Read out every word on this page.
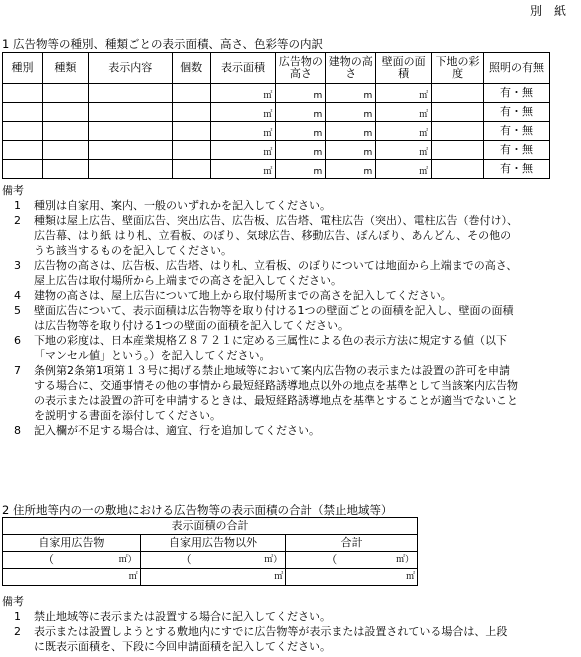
別　紙
1 広告物等の種別、種類ごとの表示面積、高さ、色彩等の内訳
種別	種類	表示内容	個数	表示面積	広告物の高さ	建物の高さ	壁面の面積	下地の彩度	照明の有無
				㎡	m	m	㎡		有・無
				㎡	m	m	㎡		有・無
				㎡	m	m	㎡		有・無
				㎡	m	m	㎡		有・無
				㎡	m	m	㎡		有・無
備考
1 種別は自家用、案内、一般のいずれかを記入してください。
2 種類は屋上広告、壁面広告、突出広告、広告板、広告塔、電柱広告（突出）、電柱広告（巻付け）、
広告幕、はり紙 はり札、立看板、のぼり、気球広告、移動広告、ぼんぼり、あんどん、その他の
うち該当するものを記入してください。
3 広告物の高さは、広告板、広告塔、はり札、立看板、のぼりについては地面から上端までの高さ、
屋上広告は取付場所から上端までの高さを記入してください。
4 建物の高さは、屋上広告について地上から取付場所までの高さを記入してください。
5 壁面広告について、表示面積は広告物等を取り付ける1つの壁面ごとの面積を記入し、壁面の面積
は広告物等を取り付ける1つの壁面の面積を記入してください。
6 下地の彩度は、日本産業規格Ｚ８７２１に定める三属性による色の表示方法に規定する値（以下
「マンセル値」という。）を記入してください。
7 条例第2条第1項第１３号に掲げる禁止地域等において案内広告物の表示または設置の許可を申請
する場合に、交通事情その他の事情から最短経路誘導地点以外の地点を基準として当該案内広告物
の表示または設置の許可を申請するときは、最短経路誘導地点を基準とすることが適当でないこと
を説明する書面を添付してください。
8 記入欄が不足する場合は、適宜、行を追加してください。
2 住所地等内の一の敷地における広告物等の表示面積の合計（禁止地域等）
表示面積の合計		
自家用広告物	自家用広告物以外	合計
（ ㎡）	（ ㎡）	（ ㎡）

㎡	㎡	㎡
備考
1 禁止地域等に表示または設置する場合に記入してください。
2 表示または設置しようとする敷地内にすでに広告物等が表示または設置されている場合は、上段
に既表示面積を、下段に今回申請面積を記入してください。
